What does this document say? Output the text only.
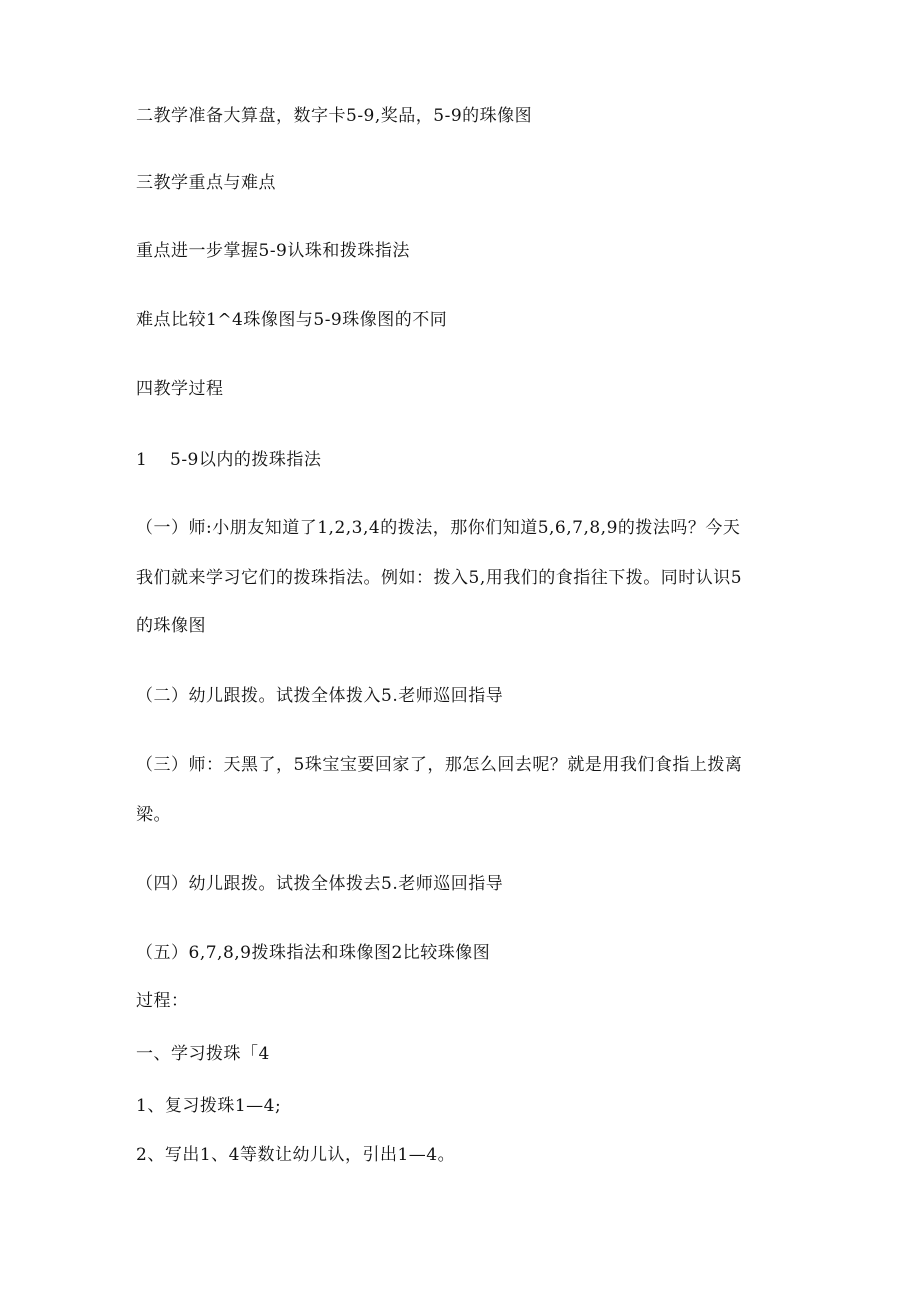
二教学准备大算盘，数字卡5-9,奖品，5-9的珠像图
三教学重点与难点
重点进一步掌握5-9认珠和拨珠指法
难点比较1^4珠像图与5-9珠像图的不同
四教学过程
1 5-9以内的拨珠指法
（一）师:小朋友知道了1,2,3,4的拨法，那你们知道5,6,7,8,9的拨法吗？今天
我们就来学习它们的拨珠指法。例如：拨入5,用我们的食指往下拨。同时认识5
的珠像图
（二）幼儿跟拨。试拨全体拨入5.老师巡回指导
（三）师：天黑了，5珠宝宝要回家了，那怎么回去呢？就是用我们食指上拨离
梁。
（四）幼儿跟拨。试拨全体拨去5.老师巡回指导
（五）6,7,8,9拨珠指法和珠像图2比较珠像图
过程：
一、学习拨珠「4
1、复习拨珠1—4;
2、写出1、4等数让幼儿认，引出1—4。
